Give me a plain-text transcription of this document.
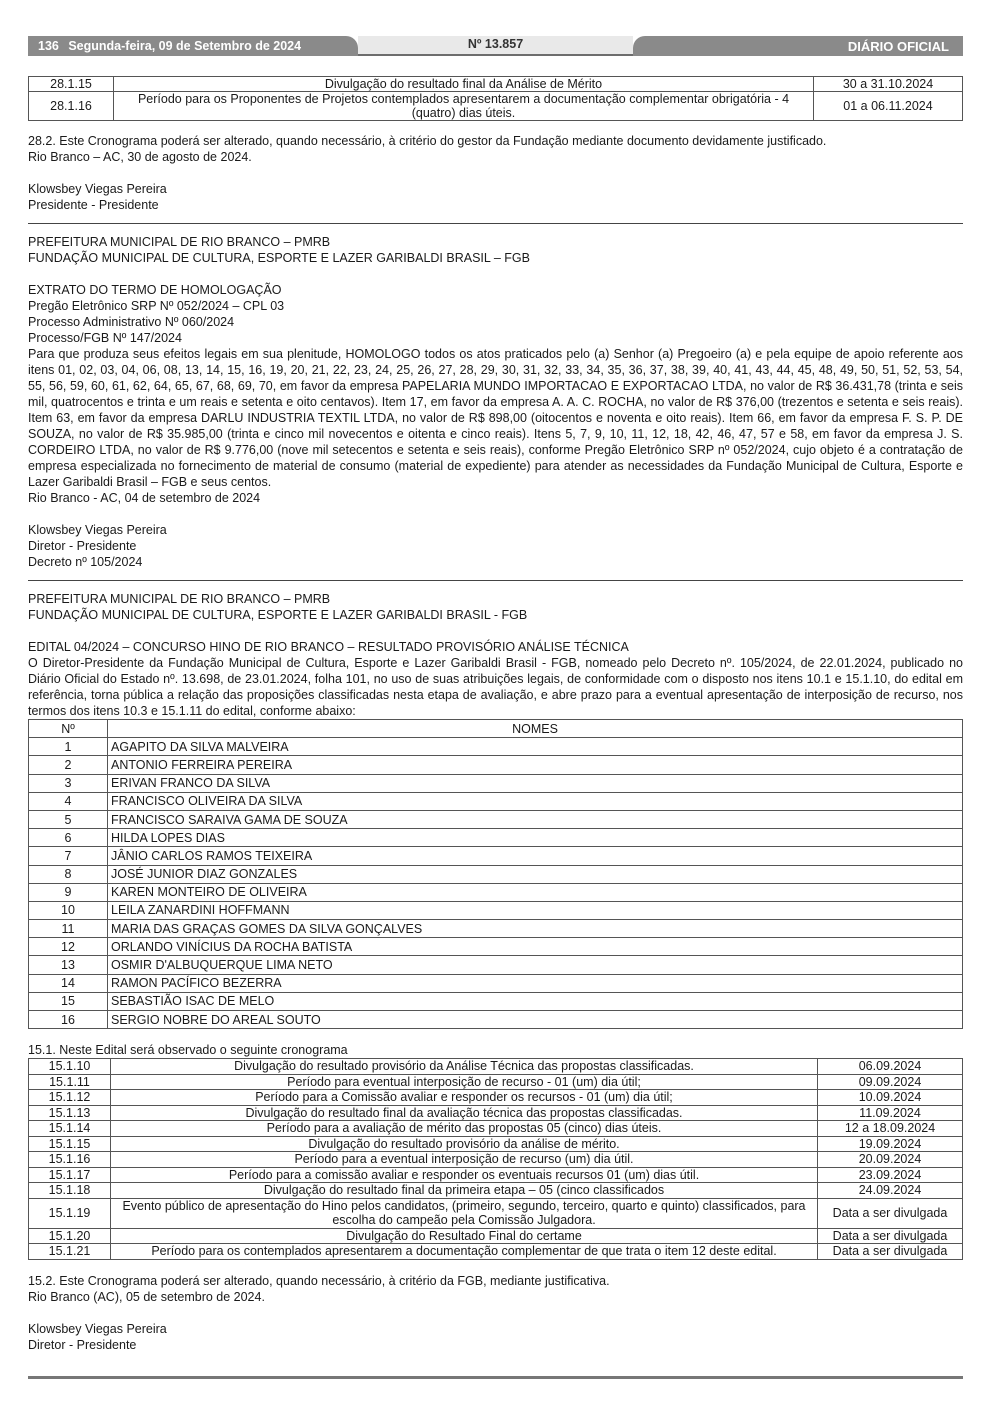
136 Segunda-feira, 09 de Setembro de 2024	Nº 13.857	DIÁRIO OFICIAL
28.1.15	Divulgação do resultado final da Análise de Mérito	30 a 31.10.2024
28.1.16	Período para os Proponentes de Projetos contemplados apresentarem a documentação complementar obrigatória - 4 (quatro) dias úteis.	01 a 06.11.2024

28.2. Este Cronograma poderá ser alterado, quando necessário, à critério do gestor da Fundação mediante documento devidamente justificado.

Rio Branco – AC, 30 de agosto de 2024.

Klowsbey Viegas Pereira

Presidente - Presidente

PREFEITURA MUNICIPAL DE RIO BRANCO – PMRB

FUNDAÇÃO MUNICIPAL DE CULTURA, ESPORTE E LAZER GARIBALDI BRASIL – FGB

EXTRATO DO TERMO DE HOMOLOGAÇÃO

Pregão Eletrônico SRP Nº 052/2024 – CPL 03

Processo Administrativo Nº 060/2024

Processo/FGB Nº 147/2024

Para que produza seus efeitos legais em sua plenitude, HOMOLOGO todos os atos praticados pelo (a) Senhor (a) Pregoeiro (a) e pela equipe de apoio referente aos itens 01, 02, 03, 04, 06, 08, 13, 14, 15, 16, 19, 20, 21, 22, 23, 24, 25, 26, 27, 28, 29, 30, 31, 32, 33, 34, 35, 36, 37, 38, 39, 40, 41, 43, 44, 45, 48, 49, 50, 51, 52, 53, 54, 55, 56, 59, 60, 61, 62, 64, 65, 67, 68, 69, 70, em favor da empresa PAPELARIA MUNDO IMPORTACAO E EXPORTACAO LTDA, no valor de R$ 36.431,78 (trinta e seis mil, quatrocentos e trinta e um reais e setenta e oito centavos). Item 17, em favor da empresa A. A. C. ROCHA, no valor de R$ 376,00 (trezentos e setenta e seis reais). Item 63, em favor da empresa DARLU INDUSTRIA TEXTIL LTDA, no valor de R$ 898,00 (oitocentos e noventa e oito reais). Item 66, em favor da empresa F. S. P. DE SOUZA, no valor de R$ 35.985,00 (trinta e cinco mil novecentos e oitenta e cinco reais). Itens 5, 7, 9, 10, 11, 12, 18, 42, 46, 47, 57 e 58, em favor da empresa J. S. CORDEIRO LTDA, no valor de R$ 9.776,00 (nove mil setecentos e setenta e seis reais), conforme Pregão Eletrônico SRP nº 052/2024, cujo objeto é a contratação de empresa especializada no fornecimento de material de consumo (material de expediente) para atender as necessidades da Fundação Municipal de Cultura, Esporte e Lazer Garibaldi Brasil – FGB e seus centos.

Rio Branco - AC, 04 de setembro de 2024

Klowsbey Viegas Pereira

Diretor - Presidente

Decreto nº 105/2024

PREFEITURA MUNICIPAL DE RIO BRANCO – PMRB

FUNDAÇÃO MUNICIPAL DE CULTURA, ESPORTE E LAZER GARIBALDI BRASIL - FGB

EDITAL 04/2024 – CONCURSO HINO DE RIO BRANCO – RESULTADO PROVISÓRIO ANÁLISE TÉCNICA

O Diretor-Presidente da Fundação Municipal de Cultura, Esporte e Lazer Garibaldi Brasil - FGB, nomeado pelo Decreto nº. 105/2024, de 22.01.2024, publicado no Diário Oficial do Estado nº. 13.698, de 23.01.2024, folha 101, no uso de suas atribuições legais, de conformidade com o disposto nos itens 10.1 e 15.1.10, do edital em referência, torna pública a relação das proposições classificadas nesta etapa de avaliação, e abre prazo para a eventual apresentação de interposição de recurso, nos termos dos itens 10.3 e 15.1.11 do edital, conforme abaixo:

Nº	NOMES
1	AGAPITO DA SILVA MALVEIRA
2	ANTONIO FERREIRA PEREIRA
3	ERIVAN FRANCO DA SILVA
4	FRANCISCO OLIVEIRA DA SILVA
5	FRANCISCO SARAIVA GAMA DE SOUZA
6	HILDA LOPES DIAS
7	JÂNIO CARLOS RAMOS TEIXEIRA
8	JOSÉ JUNIOR DIAZ GONZALES
9	KAREN MONTEIRO DE OLIVEIRA
10	LEILA ZANARDINI HOFFMANN
11	MARIA DAS GRAÇAS GOMES DA SILVA GONÇALVES
12	ORLANDO VINÍCIUS DA ROCHA BATISTA
13	OSMIR D'ALBUQUERQUE LIMA NETO
14	RAMON PACÍFICO BEZERRA
15	SEBASTIÃO ISAC DE MELO
16	SERGIO NOBRE DO AREAL SOUTO
15.1. Neste Edital será observado o seguinte cronograma
15.1.10	Divulgação do resultado provisório da Análise Técnica das propostas classificadas.	06.09.2024
15.1.11	Período para eventual interposição de recurso - 01 (um) dia útil;	09.09.2024
15.1.12	Período para a Comissão avaliar e responder os recursos - 01 (um) dia útil;	10.09.2024
15.1.13	Divulgação do resultado final da avaliação técnica das propostas classificadas.	11.09.2024
15.1.14	Período para a avaliação de mérito das propostas 05 (cinco) dias úteis.	12 a 18.09.2024
15.1.15	Divulgação do resultado provisório da análise de mérito.	19.09.2024
15.1.16	Período para a eventual interposição de recurso (um) dia útil.	20.09.2024
15.1.17	Período para a comissão avaliar e responder os eventuais recursos 01 (um) dias útil.	23.09.2024
15.1.18	Divulgação do resultado final da primeira etapa – 05 (cinco classificados	24.09.2024
15.1.19	Evento público de apresentação do Hino pelos candidatos, (primeiro, segundo, terceiro, quarto e quinto) classificados, para escolha do campeão pela Comissão Julgadora.	Data a ser divulgada
15.1.20	Divulgação do Resultado Final do certame	Data a ser divulgada
15.1.21	Período para os contemplados apresentarem a documentação complementar de que trata o item 12 deste edital.	Data a ser divulgada

15.2. Este Cronograma poderá ser alterado, quando necessário, à critério da FGB, mediante justificativa.

Rio Branco (AC), 05 de setembro de 2024.

Klowsbey Viegas Pereira

Diretor - Presidente
